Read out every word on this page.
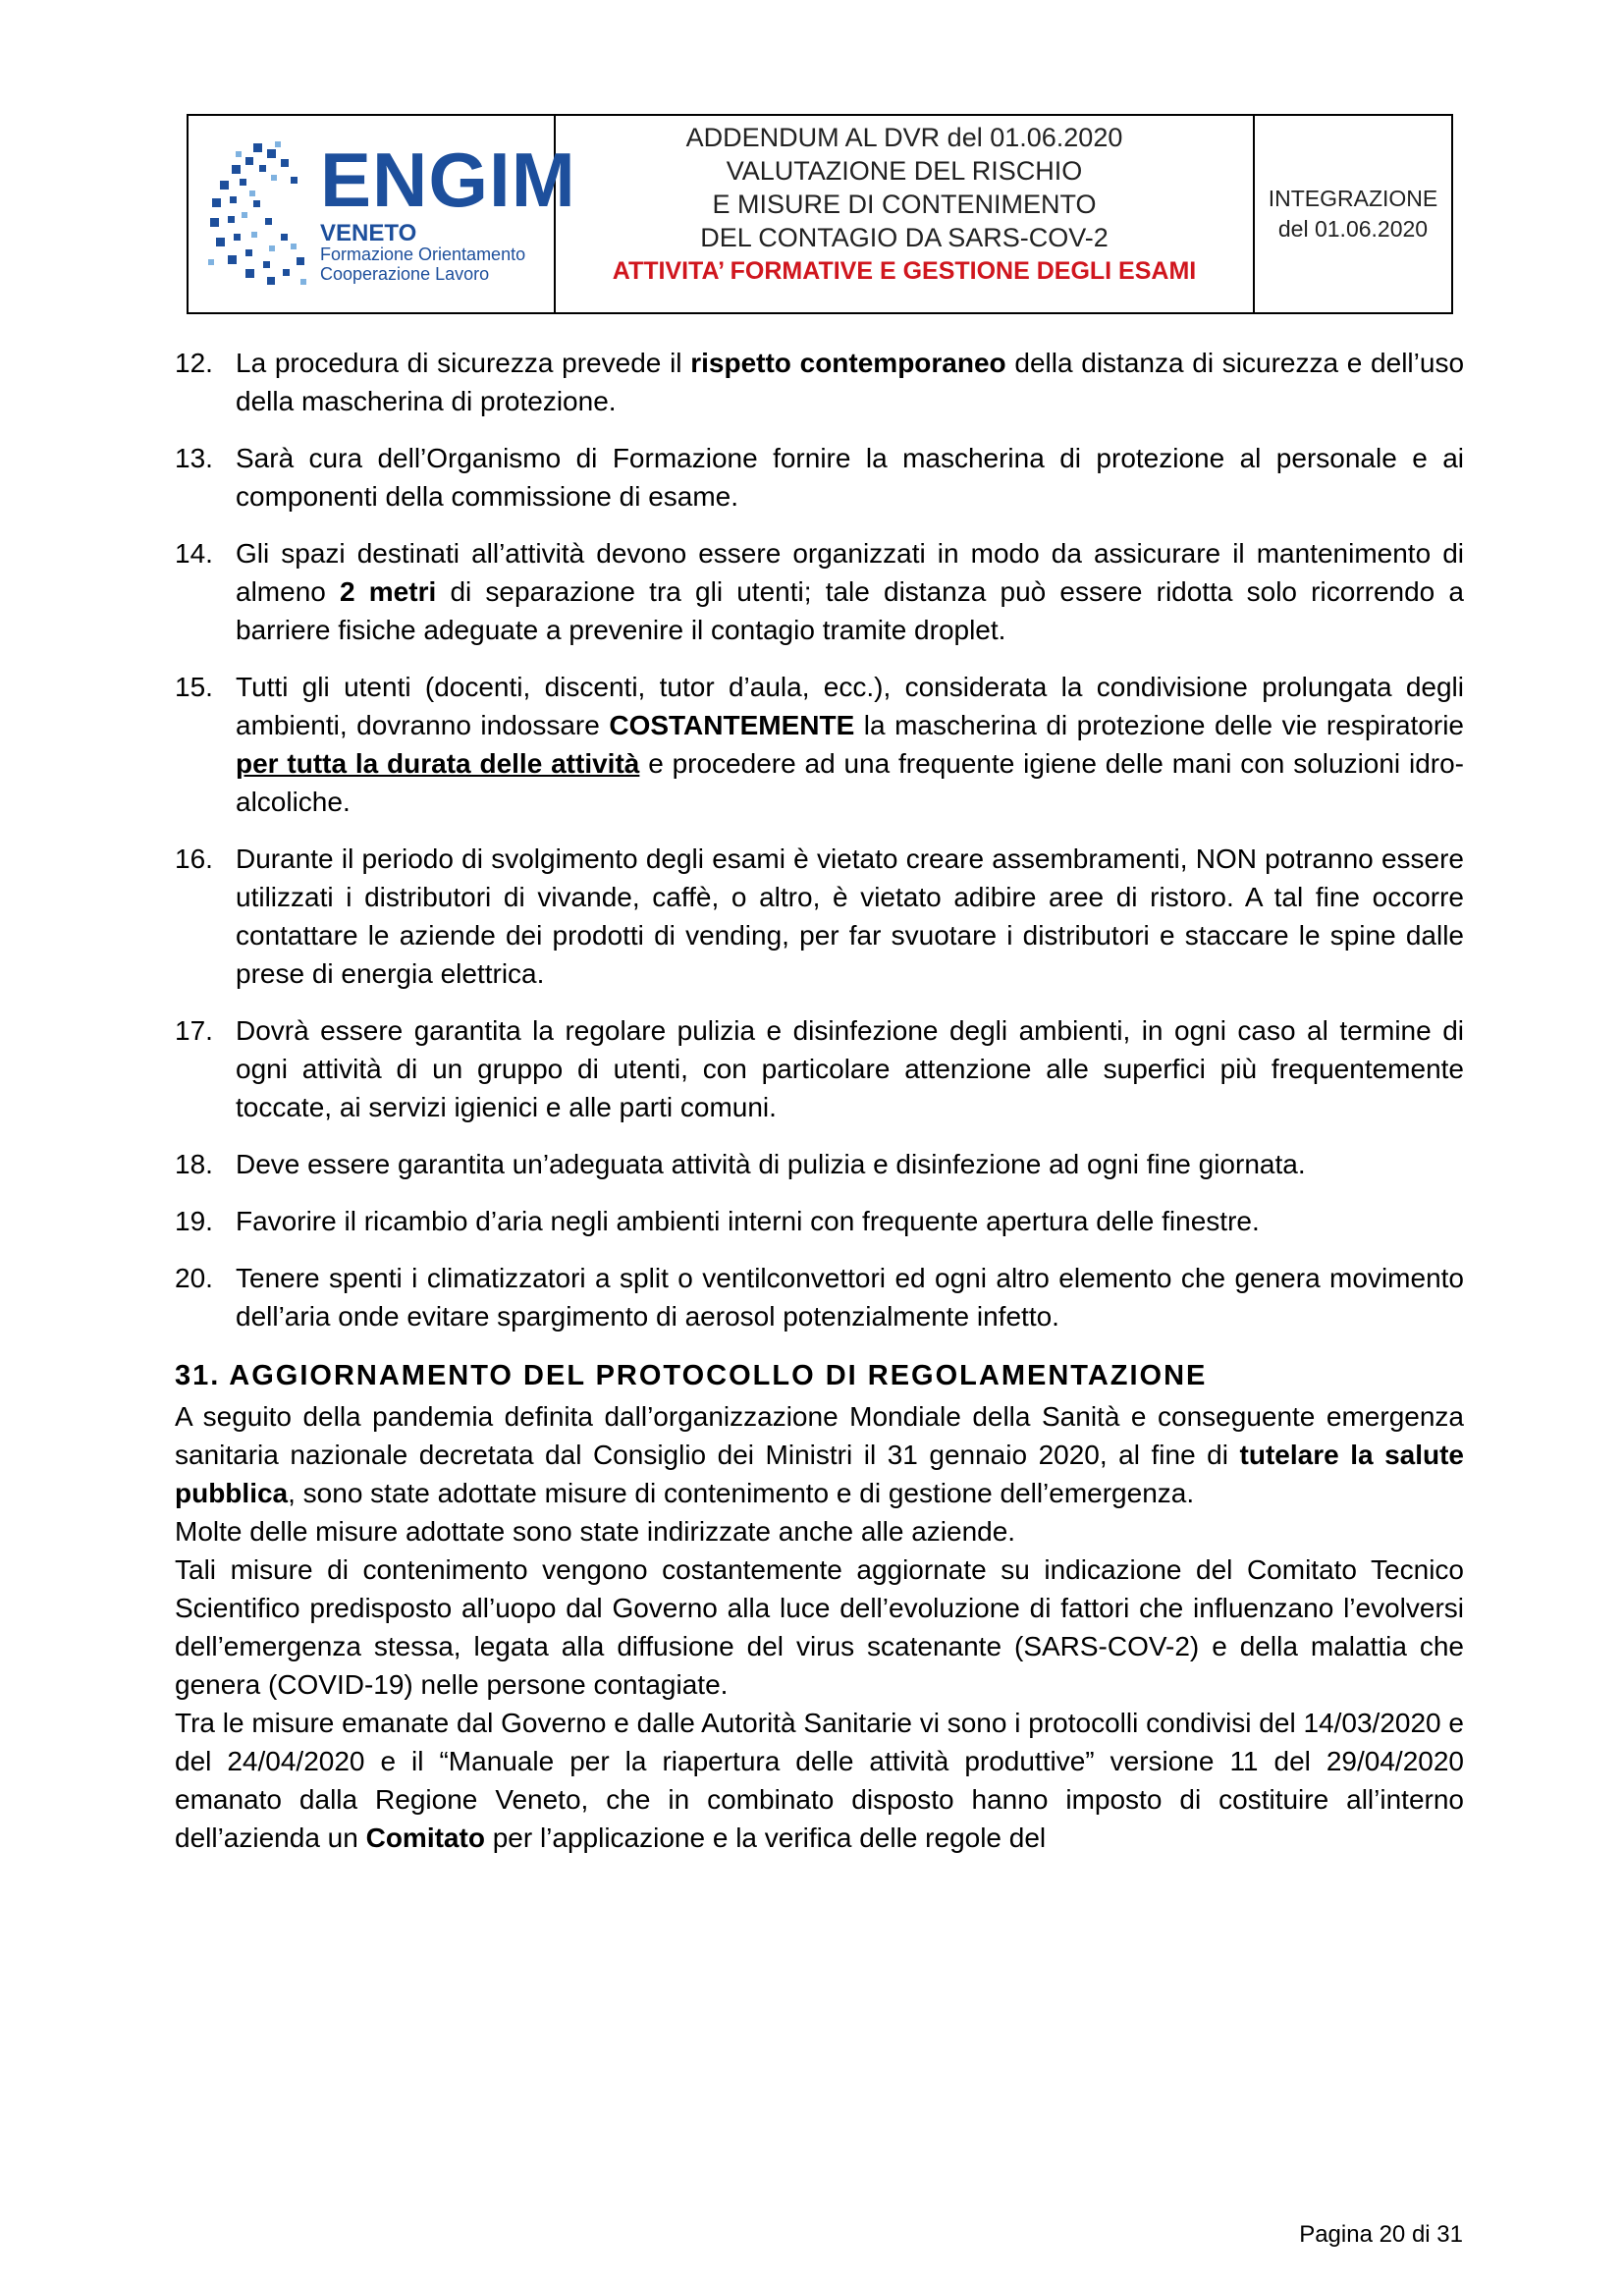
ENGIM
VENETO
Formazione Orientamento
Cooperazione Lavoro
ADDENDUM AL DVR del 01.06.2020
VALUTAZIONE DEL RISCHIO
E MISURE DI CONTENIMENTO
DEL CONTAGIO DA SARS-COV-2
ATTIVITA’ FORMATIVE E GESTIONE DEGLI ESAMI
INTEGRAZIONE
del 01.06.2020
12. La procedura di sicurezza prevede il rispetto contemporaneo della distanza di sicurezza e dell’uso della mascherina di protezione.
13. Sarà cura dell’Organismo di Formazione fornire la mascherina di protezione al personale e ai componenti della commissione di esame.
14. Gli spazi destinati all’attività devono essere organizzati in modo da assicurare il mantenimento di almeno 2 metri di separazione tra gli utenti; tale distanza può essere ridotta solo ricorrendo a barriere fisiche adeguate a prevenire il contagio tramite droplet.
15. Tutti gli utenti (docenti, discenti, tutor d’aula, ecc.), considerata la condivisione prolungata degli ambienti, dovranno indossare COSTANTEMENTE la mascherina di protezione delle vie respiratorie per tutta la durata delle attività e procedere ad una frequente igiene delle mani con soluzioni idro-alcoliche.
16. Durante il periodo di svolgimento degli esami è vietato creare assembramenti, NON potranno essere utilizzati i distributori di vivande, caffè, o altro, è vietato adibire aree di ristoro. A tal fine occorre contattare le aziende dei prodotti di vending, per far svuotare i distributori e staccare le spine dalle prese di energia elettrica.
17. Dovrà essere garantita la regolare pulizia e disinfezione degli ambienti, in ogni caso al termine di ogni attività di un gruppo di utenti, con particolare attenzione alle superfici più frequentemente toccate, ai servizi igienici e alle parti comuni.
18. Deve essere garantita un’adeguata attività di pulizia e disinfezione ad ogni fine giornata.
19. Favorire il ricambio d’aria negli ambienti interni con frequente apertura delle finestre.
20. Tenere spenti i climatizzatori a split o ventilconvettori ed ogni altro elemento che genera movimento dell’aria onde evitare spargimento di aerosol potenzialmente infetto.
31. AGGIORNAMENTO DEL PROTOCOLLO DI REGOLAMENTAZIONE

A seguito della pandemia definita dall’organizzazione Mondiale della Sanità e conseguente emergenza sanitaria nazionale decretata dal Consiglio dei Ministri il 31 gennaio 2020, al fine di tutelare la salute pubblica, sono state adottate misure di contenimento e di gestione dell’emergenza.

Molte delle misure adottate sono state indirizzate anche alle aziende.

Tali misure di contenimento vengono costantemente aggiornate su indicazione del Comitato Tecnico Scientifico predisposto all’uopo dal Governo alla luce dell’evoluzione di fattori che influenzano l’evolversi dell’emergenza stessa, legata alla diffusione del virus scatenante (SARS-COV-2) e della malattia che genera (COVID-19) nelle persone contagiate.

Tra le misure emanate dal Governo e dalle Autorità Sanitarie vi sono i protocolli condivisi del 14/03/2020 e del 24/04/2020 e il “Manuale per la riapertura delle attività produttive” versione 11 del 29/04/2020 emanato dalla Regione Veneto, che in combinato disposto hanno imposto di costituire all’interno dell’azienda un Comitato per l’applicazione e la verifica delle regole del

Pagina 20 di 31
